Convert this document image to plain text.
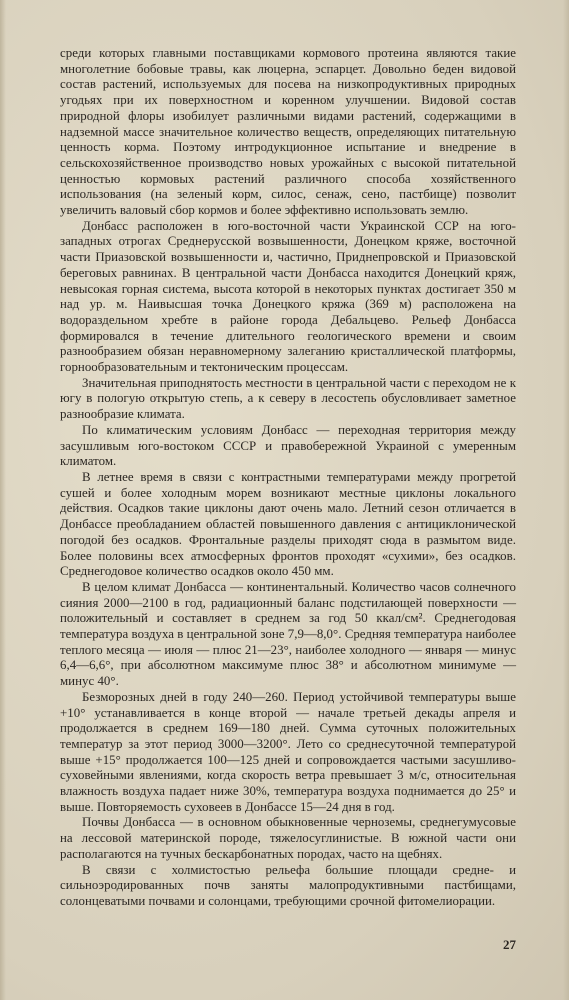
среди которых главными поставщиками кормового протеина являются такие многолетние бобовые травы, как люцерна, эспарцет. Довольно беден видовой состав растений, используемых для посева на низкопродуктивных природных угодьях при их поверхностном и коренном улучшении. Видовой состав природной флоры изобилует различными видами растений, содержащими в надземной массе значительное количество веществ, определяющих питательную ценность корма. Поэтому интродукционное испытание и внедрение в сельскохозяйственное производство новых урожайных с высокой питательной ценностью кормовых растений различного способа хозяйственного использования (на зеленый корм, силос, сенаж, сено, пастбище) позволит увеличить валовый сбор кормов и более эффективно использовать землю.

Донбасс расположен в юго-восточной части Украинской ССР на юго-западных отрогах Среднерусской возвышенности, Донецком кряже, восточной части Приазовской возвышенности и, частично, Приднепровской и Приазовской береговых равнинах. В центральной части Донбасса находится Донецкий кряж, невысокая горная система, высота которой в некоторых пунктах достигает 350 м над ур. м. Наивысшая точка Донецкого кряжа (369 м) расположена на водораздельном хребте в районе города Дебальцево. Рельеф Донбасса формировался в течение длительного геологического времени и своим разнообразием обязан неравномерному залеганию кристаллической платформы, горнообразовательным и тектоническим процессам.

Значительная приподнятость местности в центральной части с переходом не к югу в пологую открытую степь, а к северу в лесостепь обусловливает заметное разнообразие климата.

По климатическим условиям Донбасс — переходная территория между засушливым юго-востоком СССР и правобережной Украиной с умеренным климатом.

В летнее время в связи с контрастными температурами между прогретой сушей и более холодным морем возникают местные циклоны локального действия. Осадков такие циклоны дают очень мало. Летний сезон отличается в Донбассе преобладанием областей повышенного давления с антициклонической погодой без осадков. Фронтальные разделы приходят сюда в размытом виде. Более половины всех атмосферных фронтов проходят «сухими», без осадков. Среднегодовое количество осадков около 450 мм.

В целом климат Донбасса — континентальный. Количество часов солнечного сияния 2000—2100 в год, радиационный баланс подстилающей поверхности — положительный и составляет в среднем за год 50 ккал/см². Среднегодовая температура воздуха в центральной зоне 7,9—8,0°. Средняя температура наиболее теплого месяца — июля — плюс 21—23°, наиболее холодного — января — минус 6,4—6,6°, при абсолютном максимуме плюс 38° и абсолютном минимуме — минус 40°.

Безморозных дней в году 240—260. Период устойчивой температуры выше +10° устанавливается в конце второй — начале третьей декады апреля и продолжается в среднем 169—180 дней. Сумма суточных положительных температур за этот период 3000—3200°. Лето со среднесуточной температурой выше +15° продолжается 100—125 дней и сопровождается частыми засушливо-суховейными явлениями, когда скорость ветра превышает 3 м/с, относительная влажность воздуха падает ниже 30%, температура воздуха поднимается до 25° и выше. Повторяемость суховеев в Донбассе 15—24 дня в год.

Почвы Донбасса — в основном обыкновенные черноземы, среднегумусовые на лессовой материнской породе, тяжелосуглинистые. В южной части они располагаются на тучных бескарбонатных породах, часто на щебнях.

В связи с холмистостью рельефа большие площади средне- и сильноэродированных почв заняты малопродуктивными пастбищами, солонцеватыми почвами и солонцами, требующими срочной фитомелиорации.

27
